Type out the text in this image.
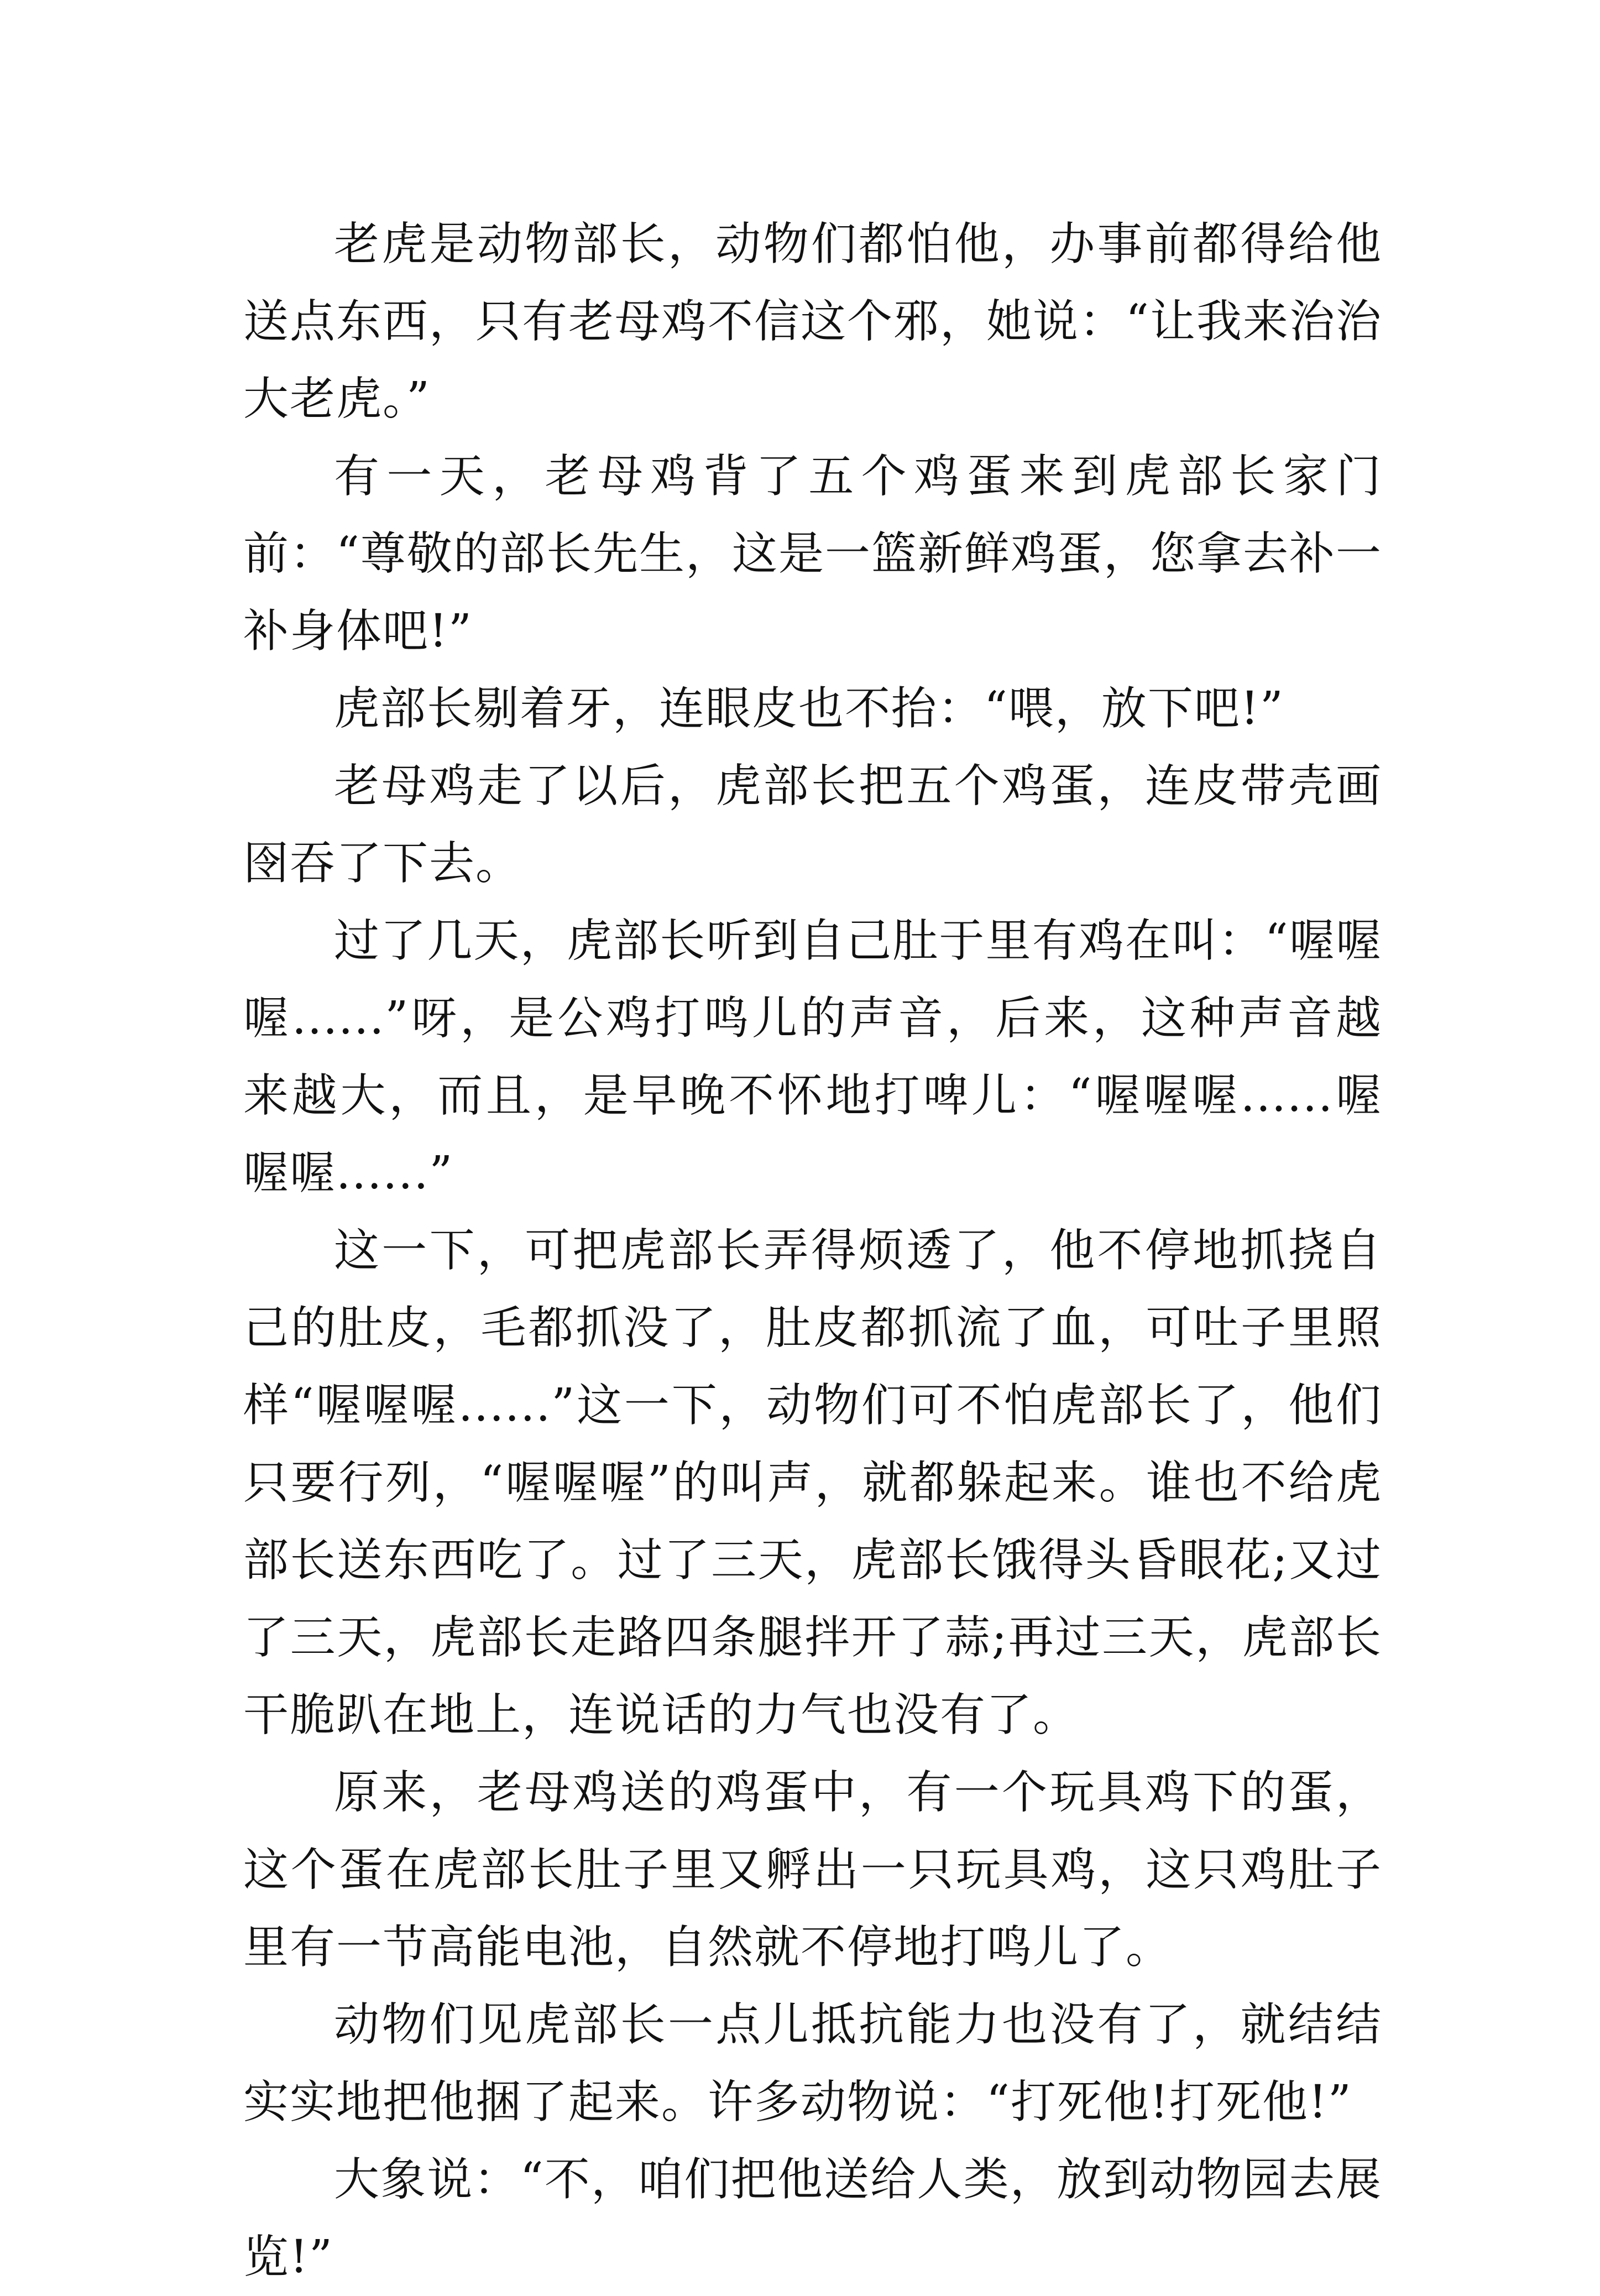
老虎是动物部长，动物们都怕他，办事前都得给他送点东西，只有老母鸡不信这个邪，她说：“让我来治治大老虎。”

有一天，老母鸡背了五个鸡蛋来到虎部长家门前：“尊敬的部长先生，这是一篮新鲜鸡蛋，您拿去补一补身体吧!”

虎部长剔着牙，连眼皮也不抬：“喂，放下吧!”

老母鸡走了以后，虎部长把五个鸡蛋，连皮带壳画囹吞了下去。

过了几天，虎部长听到自己肚于里有鸡在叫：“喔喔喔......”呀，是公鸡打鸣儿的声音，后来，这种声音越来越大，而且，是早晚不怀地打啤儿：“喔喔喔......喔喔喔......”

这一下，可把虎部长弄得烦透了，他不停地抓挠自己的肚皮，毛都抓没了，肚皮都抓流了血，可吐子里照样“喔喔喔......”这一下，动物们可不怕虎部长了，他们只要行列，“喔喔喔”的叫声，就都躲起来。谁也不给虎部长送东西吃了。过了三天，虎部长饿得头昏眼花;又过了三天，虎部长走路四条腿拌开了蒜;再过三天，虎部长干脆趴在地上，连说话的力气也没有了。

原来，老母鸡送的鸡蛋中，有一个玩具鸡下的蛋，这个蛋在虎部长肚子里又孵出一只玩具鸡，这只鸡肚子里有一节高能电池，自然就不停地打鸣儿了。

动物们见虎部长一点儿抵抗能力也没有了，就结结实实地把他捆了起来。许多动物说：“打死他!打死他!”

大象说：“不，咱们把他送给人类，放到动物园去展览!”
